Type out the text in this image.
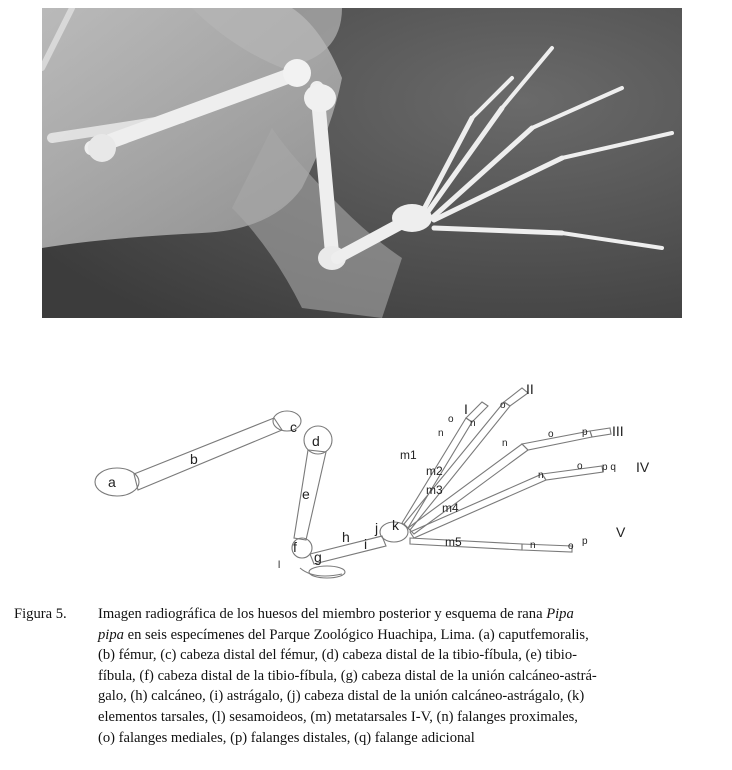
a
b
c
d
e
f
g
h i
j k
l
m1
m2
m3
m4
m5
I
II
III
IV
V
n
o n
o
n
o	p
n
o p q
n	o p
Figura 5.	Imagen radiográfica de los huesos del miembro posterior y esquema de rana Pipa
pipa en seis especímenes del Parque Zoológico Huachipa, Lima. (a) caputfemoralis,
(b) fémur, (c) cabeza distal del fémur, (d) cabeza distal de la tibio-fíbula, (e) tibio-
fíbula, (f) cabeza distal de la tibio-fíbula, (g) cabeza distal de la unión calcáneo-astrá-
galo, (h) calcáneo, (i) astrágalo, (j) cabeza distal de la unión calcáneo-astrágalo, (k)
elementos tarsales, (l) sesamoideos, (m) metatarsales I-V, (n) falanges proximales,
(o) falanges mediales, (p) falanges distales, (q) falange adicional
